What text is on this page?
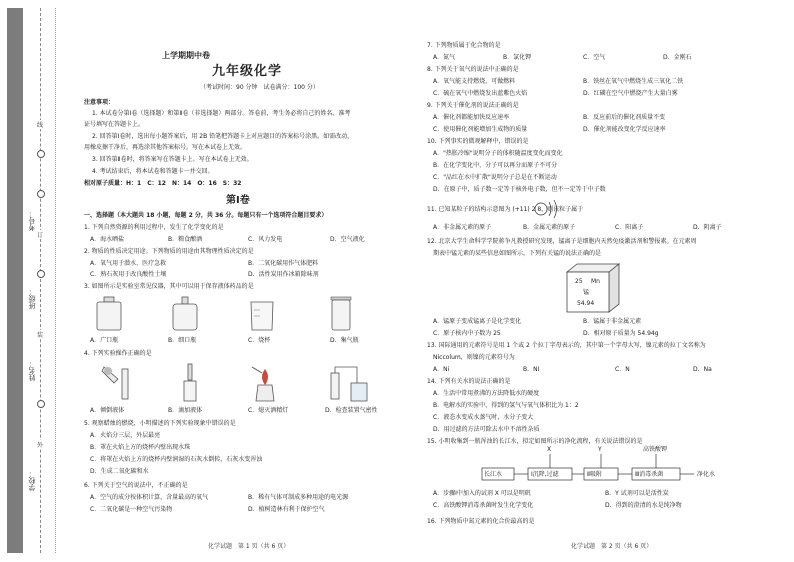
学校：
姓名：
班级：
考号：
线
订
装
外
上学期期中卷
九年级化学
（考试时间：90 分钟　试卷满分：100 分）
注意事项：
1. 本试卷分第Ⅰ卷（选择题）和第Ⅱ卷（非选择题）两部分。答卷前，考生务必将自己的姓名、准考
证号填写在答题卡上。
2. 回答第Ⅰ卷时，选出每小题答案后，用 2B 铅笔把答题卡上对应题目的答案标号涂黑。如需改动，
用橡皮擦干净后，再选涂其他答案标号。写在本试卷上无效。
3. 回答第Ⅱ卷时，将答案写在答题卡上。写在本试卷上无效。
4. 考试结束后，将本试卷和答题卡一并交回。
相对原子质量：H：1　C：12　N：14　O：16　S：32
第Ⅰ卷
一、选择题（本大题共 18 小题，每题 2 分，共 36 分。每题只有一个选项符合题目要求）
1. 下列自然资源的利用过程中，发生了化学变化的是
A．海水晒盐	B．粮食酿酒	C．风力发电	D．空气液化
2. 物质的性质决定用途。下列物质的用途由其物理性质决定的是
A．氧气用于潜水、医疗急救	B．二氧化碳用作气体肥料
C．熟石灰用于改良酸性土壤	D．活性炭用作冰箱除味剂
3. 如图所示是实验室常见仪器，其中可以用于保存液体药品的是
A．广口瓶	B．细口瓶	C．烧杯	D．集气瓶
4. 下列实验操作正确的是
A．倾倒液体	B．滴加液体	C．熄灭酒精灯	D．检查装置气密性
5. 观察蜡烛的燃烧，小明描述的下列实验现象中错误的是
A．火焰分三层，外层最亮
B．罩在火焰上方的烧杯内壁出现水珠
C．将罩在火焰上方的烧杯内壁润湿的石灰水倒转，石灰水变浑浊
D．生成二氧化碳和水
6. 下列关于空气的说法中，不正确的是
A．空气的成分按体积计算，含量最高的氧气	B．稀有气体可制成多种用途的电光源
C．二氧化碳是一种空气污染物	D．植树造林有利于保护空气
化学试题　第 1 页（共 6 页）
7. 下列物质属于化合物的是
A．氮气	B．氯化钾	C．空气	D．金刚石
8. 下列关于氧气的说法中正确的是
A．氧气能支持燃烧，可做燃料	B．铁丝在氧气中燃烧生成三氧化二铁
C．硫在氧气中燃烧发出蓝紫色火焰	D．红磷在空气中燃烧产生大量白雾
9. 下列关于催化剂的说法正确的是
A．催化剂都能加快反应速率	B．反应前后的催化剂质量不变
C．使用催化剂能增加生成物的质量	D．催化剂能改变化学反应速率
10. 下列事实的微观解释中，错误的是
A．"热胀冷缩"说明分子的体积随温度变化而变化
B．在化学变化中，分子可以再分而原子不可分
C．"品红在水中扩散"说明分子总是在不断运动
D．在原子中，质子数一定等于核外电子数，但不一定等于中子数
11. 已知某粒子的结构示意图为 (+11) 2 8，则该粒子属于
A．非金属元素的原子	B．金属元素的原子	C．阳离子	D．阴离子
12. 北京大学生命科学学院蒋争凡教授研究发现，锰离子是细胞内天然免疫激活剂和警报素。在元素周
期表中锰元素的某些信息如图所示，下列有关锰的说法正确的是
25 Mn
锰
54.94
A．锰原子变成锰离子是化学变化	B．锰属于非金属元素
C．原子核内中子数为 25	D．相对原子质量为 54.94g
13. 国际通用的元素符号是用 1 个或 2 个拉丁字母表示的，其中第一个字母大写，镍元素的拉丁文名称为
Niccolum，则镍的元素符号为
A．Ni	B．NI	C．N	D．Na
14. 下列有关水的说法正确的是
A．生活中常用煮沸的方法降低水的硬度
B．电解水的实验中，得到的氢气与氧气体积比为 1：2
C．液态水变成水蒸气时，水分子变大
D．用过滤的方法可除去水中不溶性杂质
15. 小明收集到一瓶浑浊的长江水，拟定如图所示的净化流程，有关说法错误的是
X	Y	高铁酸钾
长江水	Ⅰ沉降,过滤	Ⅱ吸附	Ⅲ消毒杀菌	净化水
A．步骤Ⅰ中加入的试剂 X 可以是明矾	B．Y 试剂可以是活性炭
C．高铁酸钾消毒杀菌时发生化学变化	D．得到的澄清的水是纯净物
16. 下列物质中氮元素的化合价最高的是
化学试题　第 2 页（共 6 页）
